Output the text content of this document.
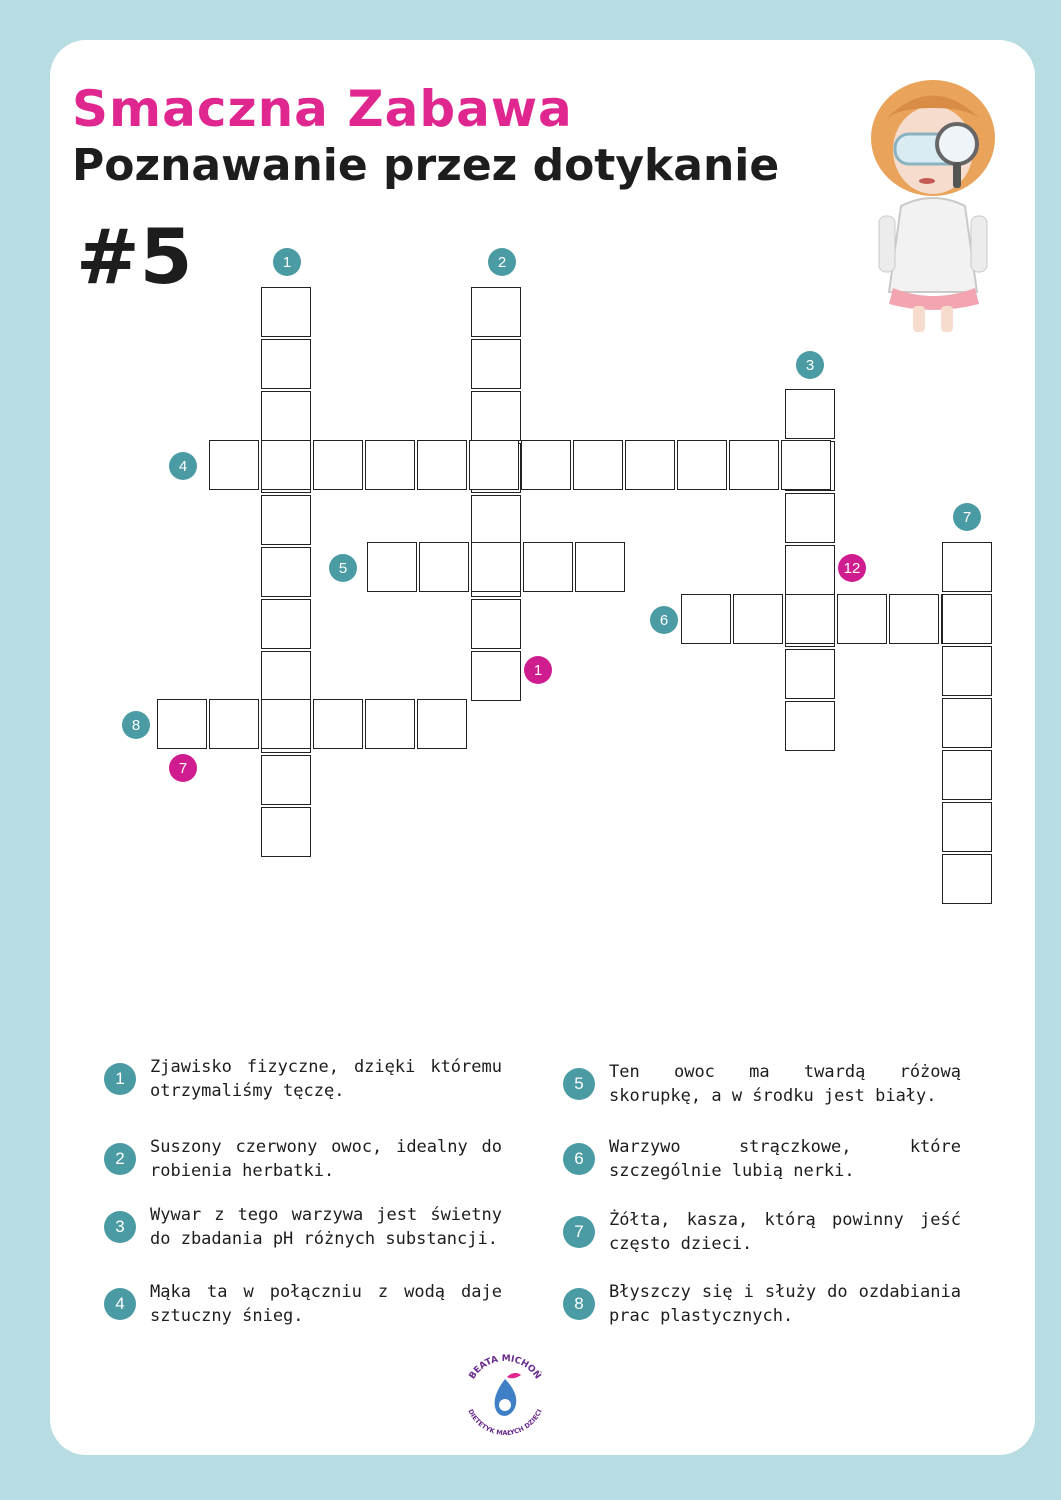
Smaczna Zabawa
Poznawanie przez dotykanie
#5	1	2
3
4
5
6
7
8
12
1
7
1
Zjawisko fizyczne, dzięki któremu otrzymaliśmy tęczę.
2
Suszony czerwony owoc, idealny do robienia herbatki.
3
Wywar z tego warzywa jest świetny do zbadania pH różnych substancji.
4
Mąka ta w połączniu z wodą daje sztuczny śnieg.
5
Ten owoc ma twardą różową skorupkę, a w środku jest biały.
6
Warzywo strączkowe, które szczególnie lubią nerki.
7
Żółta, kasza, którą powinny jeść często dzieci.
8
Błyszczy się i służy do ozdabiania prac plastycznych.
BEATA MICHOŃ
DIETETYK MAŁYCH DZIECI
